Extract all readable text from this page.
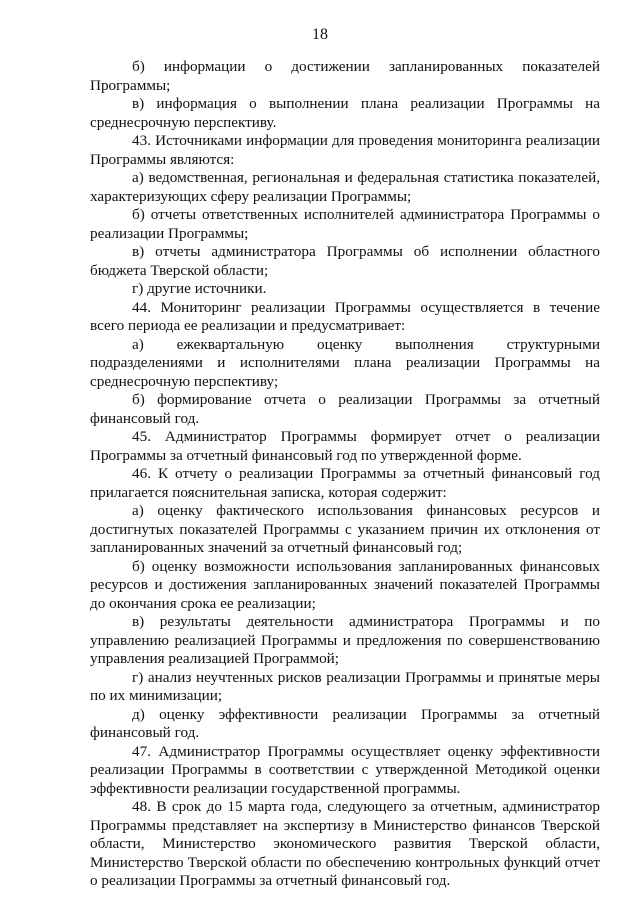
18

б) информации о достижении запланированных показателей Программы;

в) информация о выполнении плана реализации Программы на среднесрочную перспективу.

43. Источниками информации для проведения мониторинга реализации Программы являются:

а) ведомственная, региональная и федеральная статистика показателей, характеризующих сферу реализации Программы;

б) отчеты ответственных исполнителей администратора Программы о реализации Программы;

в) отчеты администратора Программы об исполнении областного бюджета Тверской области;

г) другие источники.

44. Мониторинг реализации Программы осуществляется в течение всего периода ее реализации и предусматривает:

а) ежеквартальную оценку выполнения структурными подразделениями и исполнителями плана реализации Программы на среднесрочную перспективу;

б) формирование отчета о реализации Программы за отчетный финансовый год.

45. Администратор Программы формирует отчет о реализации Программы за отчетный финансовый год по утвержденной форме.

46. К отчету о реализации Программы за отчетный финансовый год прилагается пояснительная записка, которая содержит:

а) оценку фактического использования финансовых ресурсов и достигнутых показателей Программы с указанием причин их отклонения от запланированных значений за отчетный финансовый год;

б) оценку возможности использования запланированных финансовых ресурсов и достижения запланированных значений показателей Программы до окончания срока ее реализации;

в) результаты деятельности администратора Программы и по управлению реализацией Программы и предложения по совершенствованию управления реализацией Программой;

г) анализ неучтенных рисков реализации Программы и принятые меры по их минимизации;

д) оценку эффективности реализации Программы за отчетный финансовый год.

47. Администратор Программы осуществляет оценку эффективности реализации Программы в соответствии с утвержденной Методикой оценки эффективности реализации государственной программы.

48. В срок до 15 марта года, следующего за отчетным, администратор Программы представляет на экспертизу в Министерство финансов Тверской области, Министерство экономического развития Тверской области, Министерство Тверской области по обеспечению контрольных функций отчет о реализации Программы за отчетный финансовый год.
